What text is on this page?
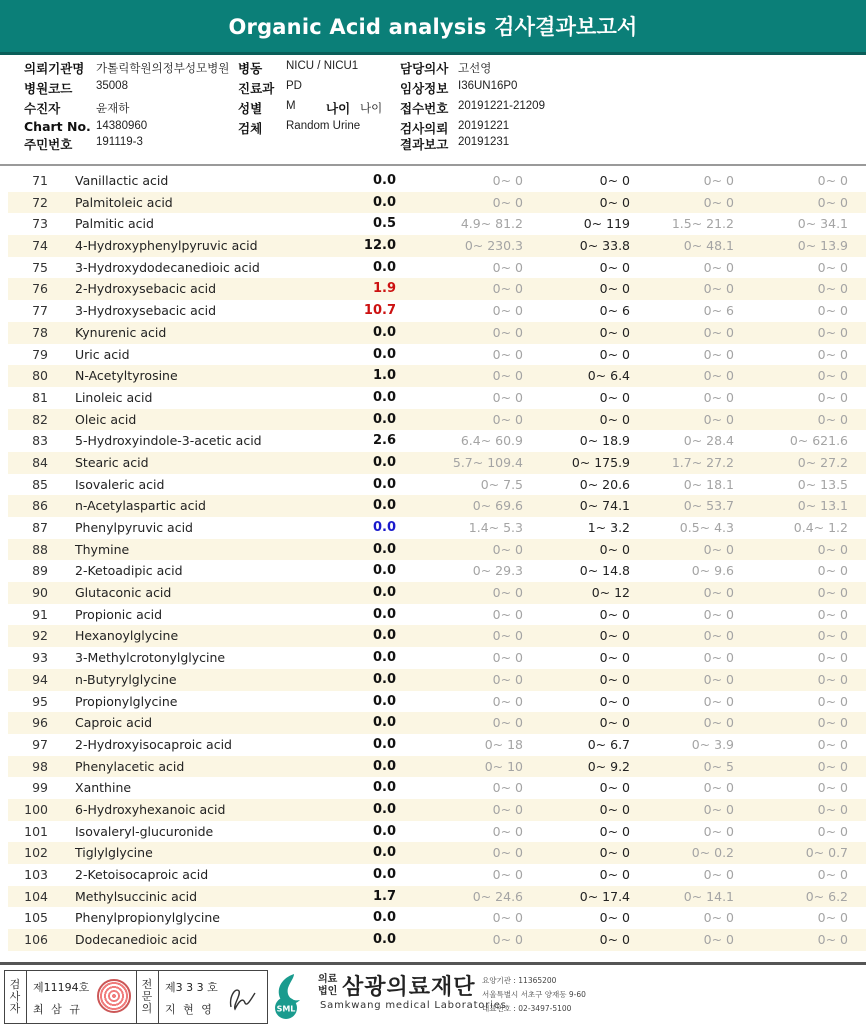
Organic Acid analysis 검사결과보고서
의뢰기관명 가톨릭학원의정부성모병원
병원코드 35008
수진자	윤재하
Chart No. 14380960
주민번호 191119-3
병동 NICU / NICU1
진료과 PD
성별 M 나이 나이
검체 Random Urine
담당의사 고선영
임상정보 I36UN16P0
접수번호 20191221-21209
검사의뢰 20191221
결과보고 20191231
71 Vanillactic acid	0.0	0~ 0	0~ 0	0~ 0	0~ 0
72 Palmitoleic acid	0.0	0~ 0	0~ 0	0~ 0	0~ 0
73 Palmitic acid	0.5	4.9~ 81.2	0~ 119	1.5~ 21.2	0~ 34.1
74 4-Hydroxyphenylpyruvic acid	12.0	0~ 230.3	0~ 33.8	0~ 48.1	0~ 13.9
75 3-Hydroxydodecanedioic acid	0.0	0~ 0	0~ 0	0~ 0	0~ 0
76 2-Hydroxysebacic acid	1.9	0~ 0	0~ 0	0~ 0	0~ 0
77 3-Hydroxysebacic acid	10.7	0~ 0	0~ 6	0~ 6	0~ 0
78 Kynurenic acid	0.0	0~ 0	0~ 0	0~ 0	0~ 0
79 Uric acid	0.0	0~ 0	0~ 0	0~ 0	0~ 0
80 N-Acetyltyrosine	1.0	0~ 0	0~ 6.4	0~ 0	0~ 0
81 Linoleic acid	0.0	0~ 0	0~ 0	0~ 0	0~ 0
82 Oleic acid	0.0	0~ 0	0~ 0	0~ 0	0~ 0
83 5-Hydroxyindole-3-acetic acid	2.6	6.4~ 60.9	0~ 18.9	0~ 28.4	0~ 621.6
84 Stearic acid	0.0	5.7~ 109.4	0~ 175.9	1.7~ 27.2	0~ 27.2
85 Isovaleric acid	0.0	0~ 7.5	0~ 20.6	0~ 18.1	0~ 13.5
86 n-Acetylaspartic acid	0.0	0~ 69.6	0~ 74.1	0~ 53.7	0~ 13.1
87 Phenylpyruvic acid	0.0	1.4~ 5.3	1~ 3.2	0.5~ 4.3	0.4~ 1.2
88 Thymine	0.0	0~ 0	0~ 0	0~ 0	0~ 0
89 2-Ketoadipic acid	0.0	0~ 29.3	0~ 14.8	0~ 9.6	0~ 0
90 Glutaconic acid	0.0	0~ 0	0~ 12	0~ 0	0~ 0
91 Propionic acid	0.0	0~ 0	0~ 0	0~ 0	0~ 0
92 Hexanoylglycine	0.0	0~ 0	0~ 0	0~ 0	0~ 0
93 3-Methylcrotonylglycine	0.0	0~ 0	0~ 0	0~ 0	0~ 0
94 n-Butyrylglycine	0.0	0~ 0	0~ 0	0~ 0	0~ 0
95 Propionylglycine	0.0	0~ 0	0~ 0	0~ 0	0~ 0
96 Caproic acid	0.0	0~ 0	0~ 0	0~ 0	0~ 0
97 2-Hydroxyisocaproic acid	0.0	0~ 18	0~ 6.7	0~ 3.9	0~ 0
98 Phenylacetic acid	0.0	0~ 10	0~ 9.2	0~ 5	0~ 0
99 Xanthine	0.0	0~ 0	0~ 0	0~ 0	0~ 0
100 6-Hydroxyhexanoic acid	0.0	0~ 0	0~ 0	0~ 0	0~ 0
101 Isovaleryl-glucuronide	0.0	0~ 0	0~ 0	0~ 0	0~ 0
102 Tiglylglycine	0.0	0~ 0	0~ 0	0~ 0.2	0~ 0.7
103 2-Ketoisocaproic acid	0.0	0~ 0	0~ 0	0~ 0	0~ 0
104 Methylsuccinic acid	1.7	0~ 24.6	0~ 17.4	0~ 14.1	0~ 6.2
105 Phenylpropionylglycine	0.0	0~ 0	0~ 0	0~ 0	0~ 0
106 Dodecanedioic acid	0.0	0~ 0	0~ 0	0~ 0	0~ 0
검사자
제11194호
최 삼 규
전문의
제3 3 3 호
지 현 영	SML
의료 법인 삼광의료재단
Samkwang medical Laboratories
요양기관 : 11365200
서울특별시 서초구 양재동 9-60
대표번호 : 02-3497-5100
